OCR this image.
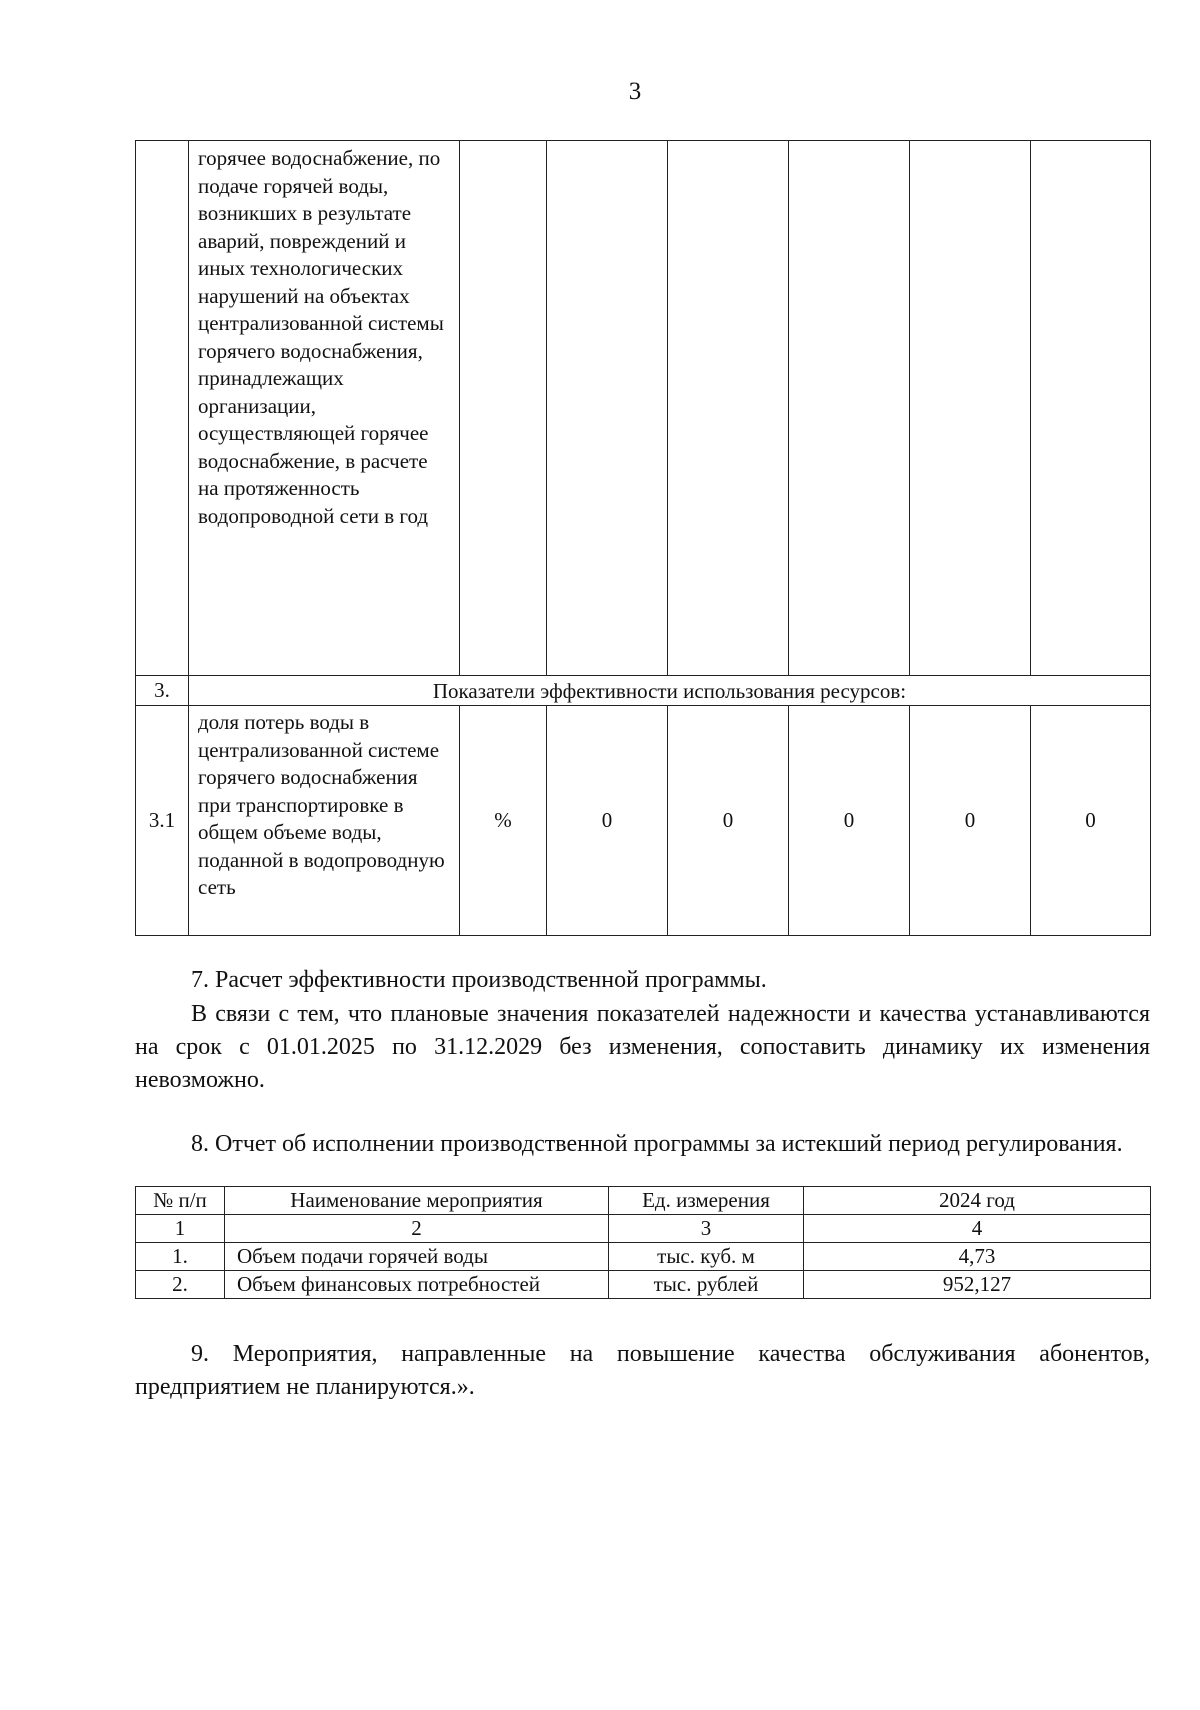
3
	горячее водоснабжение, по подаче горячей воды, возникших в результате аварий, повреждений и иных технологических нарушений на объектах централизованной системы горячего водоснабжения, принадлежащих организации, осуществляющей горячее водоснабжение, в расчете на протяженность водопроводной сети в год						
3.	Показатели эффективности использования ресурсов:						
3.1	доля потерь воды в централизованной системе горячего водоснабжения при транспортировке в общем объеме воды, поданной в водопроводную сеть	%	0	0	0	0	0
7. Расчет эффективности производственной программы.
В связи с тем, что плановые значения показателей надежности и качества устанавливаются на срок с 01.01.2025 по 31.12.2029 без изменения, сопоставить динамику их изменения невозможно.
8. Отчет об исполнении производственной программы за истекший период регулирования.
№ п/п	Наименование мероприятия	Ед. измерения	2024 год
1	2	3	4
1.	Объем подачи горячей воды	тыс. куб. м	4,73
2.	Объем финансовых потребностей	тыс. рублей	952,127
9. Мероприятия, направленные на повышение качества обслуживания абонентов, предприятием не планируются.».
